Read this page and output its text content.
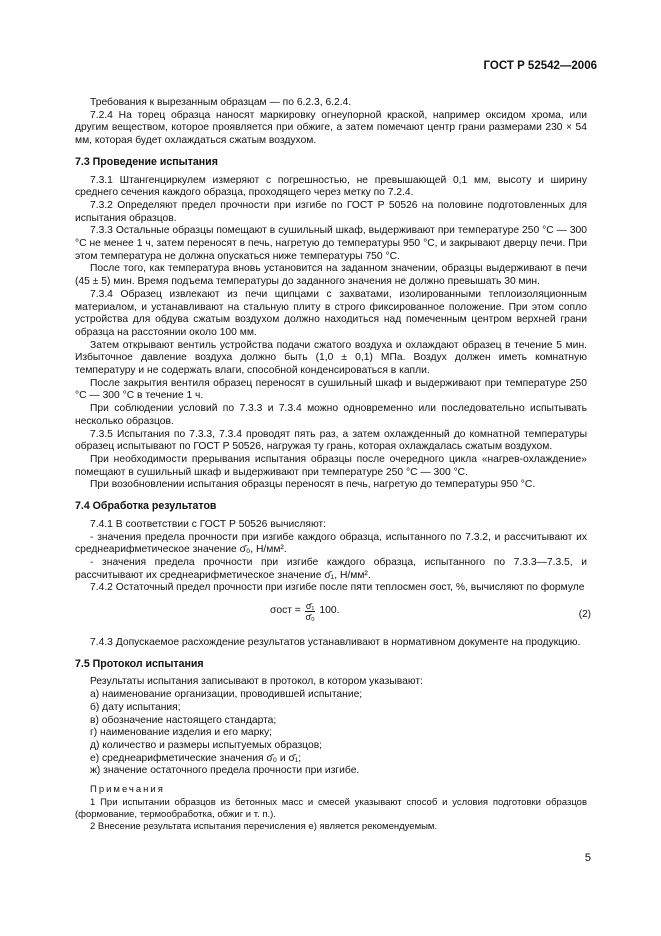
ГОСТ Р 52542—2006

Требования к вырезанным образцам — по 6.2.3, 6.2.4.

7.2.4 На торец образца наносят маркировку огнеупорной краской, например оксидом хрома, или другим веществом, которое проявляется при обжиге, а затем помечают центр грани размерами 230 × 54 мм, которая будет охлаждаться сжатым воздухом.

7.3 Проведение испытания

7.3.1 Штангенциркулем измеряют с погрешностью, не превышающей 0,1 мм, высоту и ширину среднего сечения каждого образца, проходящего через метку по 7.2.4.

7.3.2 Определяют предел прочности при изгибе по ГОСТ Р 50526 на половине подготовленных для испытания образцов.

7.3.3 Остальные образцы помещают в сушильный шкаф, выдерживают при температуре 250 °С — 300 °С не менее 1 ч, затем переносят в печь, нагретую до температуры 950 °С, и закрывают дверцу печи. При этом температура не должна опускаться ниже температуры 750 °С.

После того, как температура вновь установится на заданном значении, образцы выдерживают в печи (45 ± 5) мин. Время подъема температуры до заданного значения не должно превышать 30 мин.

7.3.4 Образец извлекают из печи щипцами с захватами, изолированными теплоизоляционным материалом, и устанавливают на стальную плиту в строго фиксированное положение. При этом сопло устройства для обдува сжатым воздухом должно находиться над помеченным центром верхней грани образца на расстоянии около 100 мм.

Затем открывают вентиль устройства подачи сжатого воздуха и охлаждают образец в течение 5 мин. Избыточное давление воздуха должно быть (1,0 ± 0,1) МПа. Воздух должен иметь комнатную температуру и не содержать влаги, способной конденсироваться в капли.

После закрытия вентиля образец переносят в сушильный шкаф и выдерживают при температуре 250 °С — 300 °С в течение 1 ч.

При соблюдении условий по 7.3.3 и 7.3.4 можно одновременно или последовательно испытывать несколько образцов.

7.3.5 Испытания по 7.3.3, 7.3.4 проводят пять раз, а затем охлажденный до комнатной температуры образец испытывают по ГОСТ Р 50526, нагружая ту грань, которая охлаждалась сжатым воздухом.

При необходимости прерывания испытания образцы после очередного цикла «нагрев-охлаждение» помещают в сушильный шкаф и выдерживают при температуре 250 °С — 300 °С.

При возобновлении испытания образцы переносят в печь, нагретую до температуры 950 °С.

7.4 Обработка результатов

7.4.1 В соответствии с ГОСТ Р 50526 вычисляют:

- значения предела прочности при изгибе каждого образца, испытанного по 7.3.2, и рассчитывают их среднеарифметическое значение σ̄₀, Н/мм².

- значения предела прочности при изгибе каждого образца, испытанного по 7.3.3—7.3.5, и рассчитывают их среднеарифметическое значение σ̄₁, Н/мм².

7.4.2 Остаточный предел прочности при изгибе после пяти теплосмен σост, %, вычисляют по формуле

$\sigma ост = \frac{\text{σ̄₁}}{\text{σ̄₀}} 100$.	(2)

7.4.3 Допускаемое расхождение результатов устанавливают в нормативном документе на продукцию.

7.5 Протокол испытания

Результаты испытания записывают в протокол, в котором указывают:

а) наименование организации, проводившей испытание;

б) дату испытания;

в) обозначение настоящего стандарта;

г) наименование изделия и его марку;

д) количество и размеры испытуемых образцов;

е) среднеарифметические значения σ̄₀ и σ̄₁;

ж) значение остаточного предела прочности при изгибе.

Примечания

1 При испытании образцов из бетонных масс и смесей указывают способ и условия подготовки образцов (формование, термообработка, обжиг и т. п.).

2 Внесение результата испытания перечисления е) является рекомендуемым.

5
